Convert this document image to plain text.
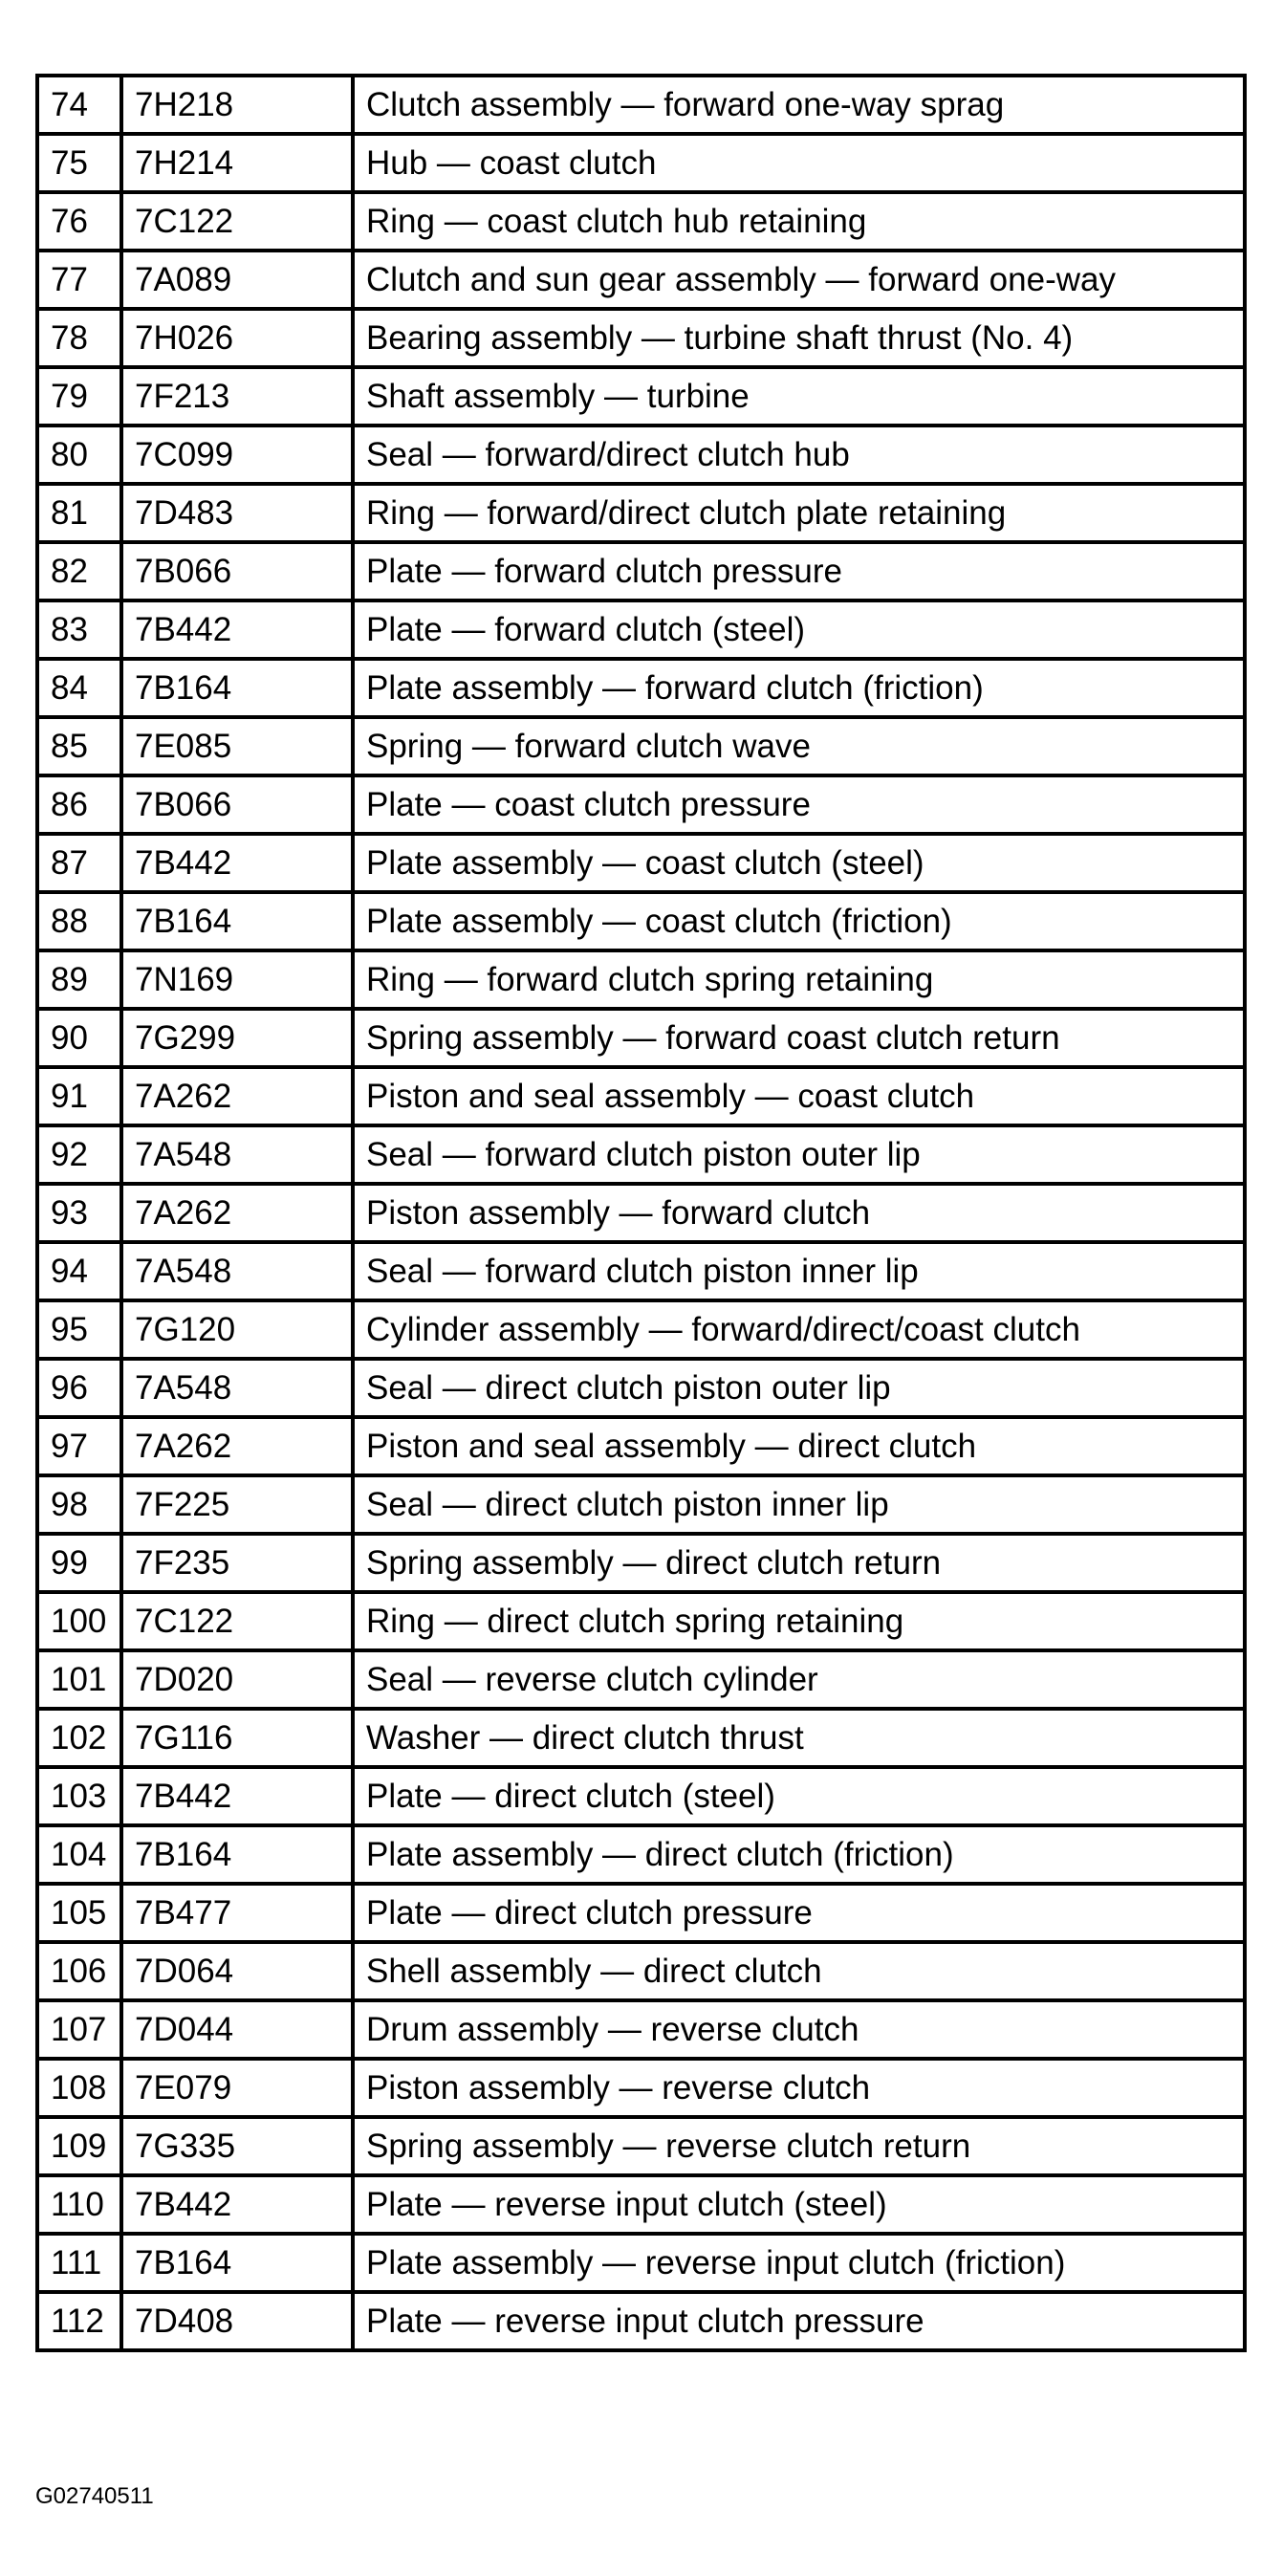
74	7H218	Clutch assembly — forward one-way sprag
75	7H214	Hub — coast clutch
76	7C122	Ring — coast clutch hub retaining
77	7A089	Clutch and sun gear assembly — forward one-way
78	7H026	Bearing assembly — turbine shaft thrust (No. 4)
79	7F213	Shaft assembly — turbine
80	7C099	Seal — forward/direct clutch hub
81	7D483	Ring — forward/direct clutch plate retaining
82	7B066	Plate — forward clutch pressure
83	7B442	Plate — forward clutch (steel)
84	7B164	Plate assembly — forward clutch (friction)
85	7E085	Spring — forward clutch wave
86	7B066	Plate — coast clutch pressure
87	7B442	Plate assembly — coast clutch (steel)
88	7B164	Plate assembly — coast clutch (friction)
89	7N169	Ring — forward clutch spring retaining
90	7G299	Spring assembly — forward coast clutch return
91	7A262	Piston and seal assembly — coast clutch
92	7A548	Seal — forward clutch piston outer lip
93	7A262	Piston assembly — forward clutch
94	7A548	Seal — forward clutch piston inner lip
95	7G120	Cylinder assembly — forward/direct/coast clutch
96	7A548	Seal — direct clutch piston outer lip
97	7A262	Piston and seal assembly — direct clutch
98	7F225	Seal — direct clutch piston inner lip
99	7F235	Spring assembly — direct clutch return
100	7C122	Ring — direct clutch spring retaining
101	7D020	Seal — reverse clutch cylinder
102	7G116	Washer — direct clutch thrust
103	7B442	Plate — direct clutch (steel)
104	7B164	Plate assembly — direct clutch (friction)
105	7B477	Plate — direct clutch pressure
106	7D064	Shell assembly — direct clutch
107	7D044	Drum assembly — reverse clutch
108	7E079	Piston assembly — reverse clutch
109	7G335	Spring assembly — reverse clutch return
110	7B442	Plate — reverse input clutch (steel)
111	7B164	Plate assembly — reverse input clutch (friction)
112	7D408	Plate — reverse input clutch pressure
G02740511
